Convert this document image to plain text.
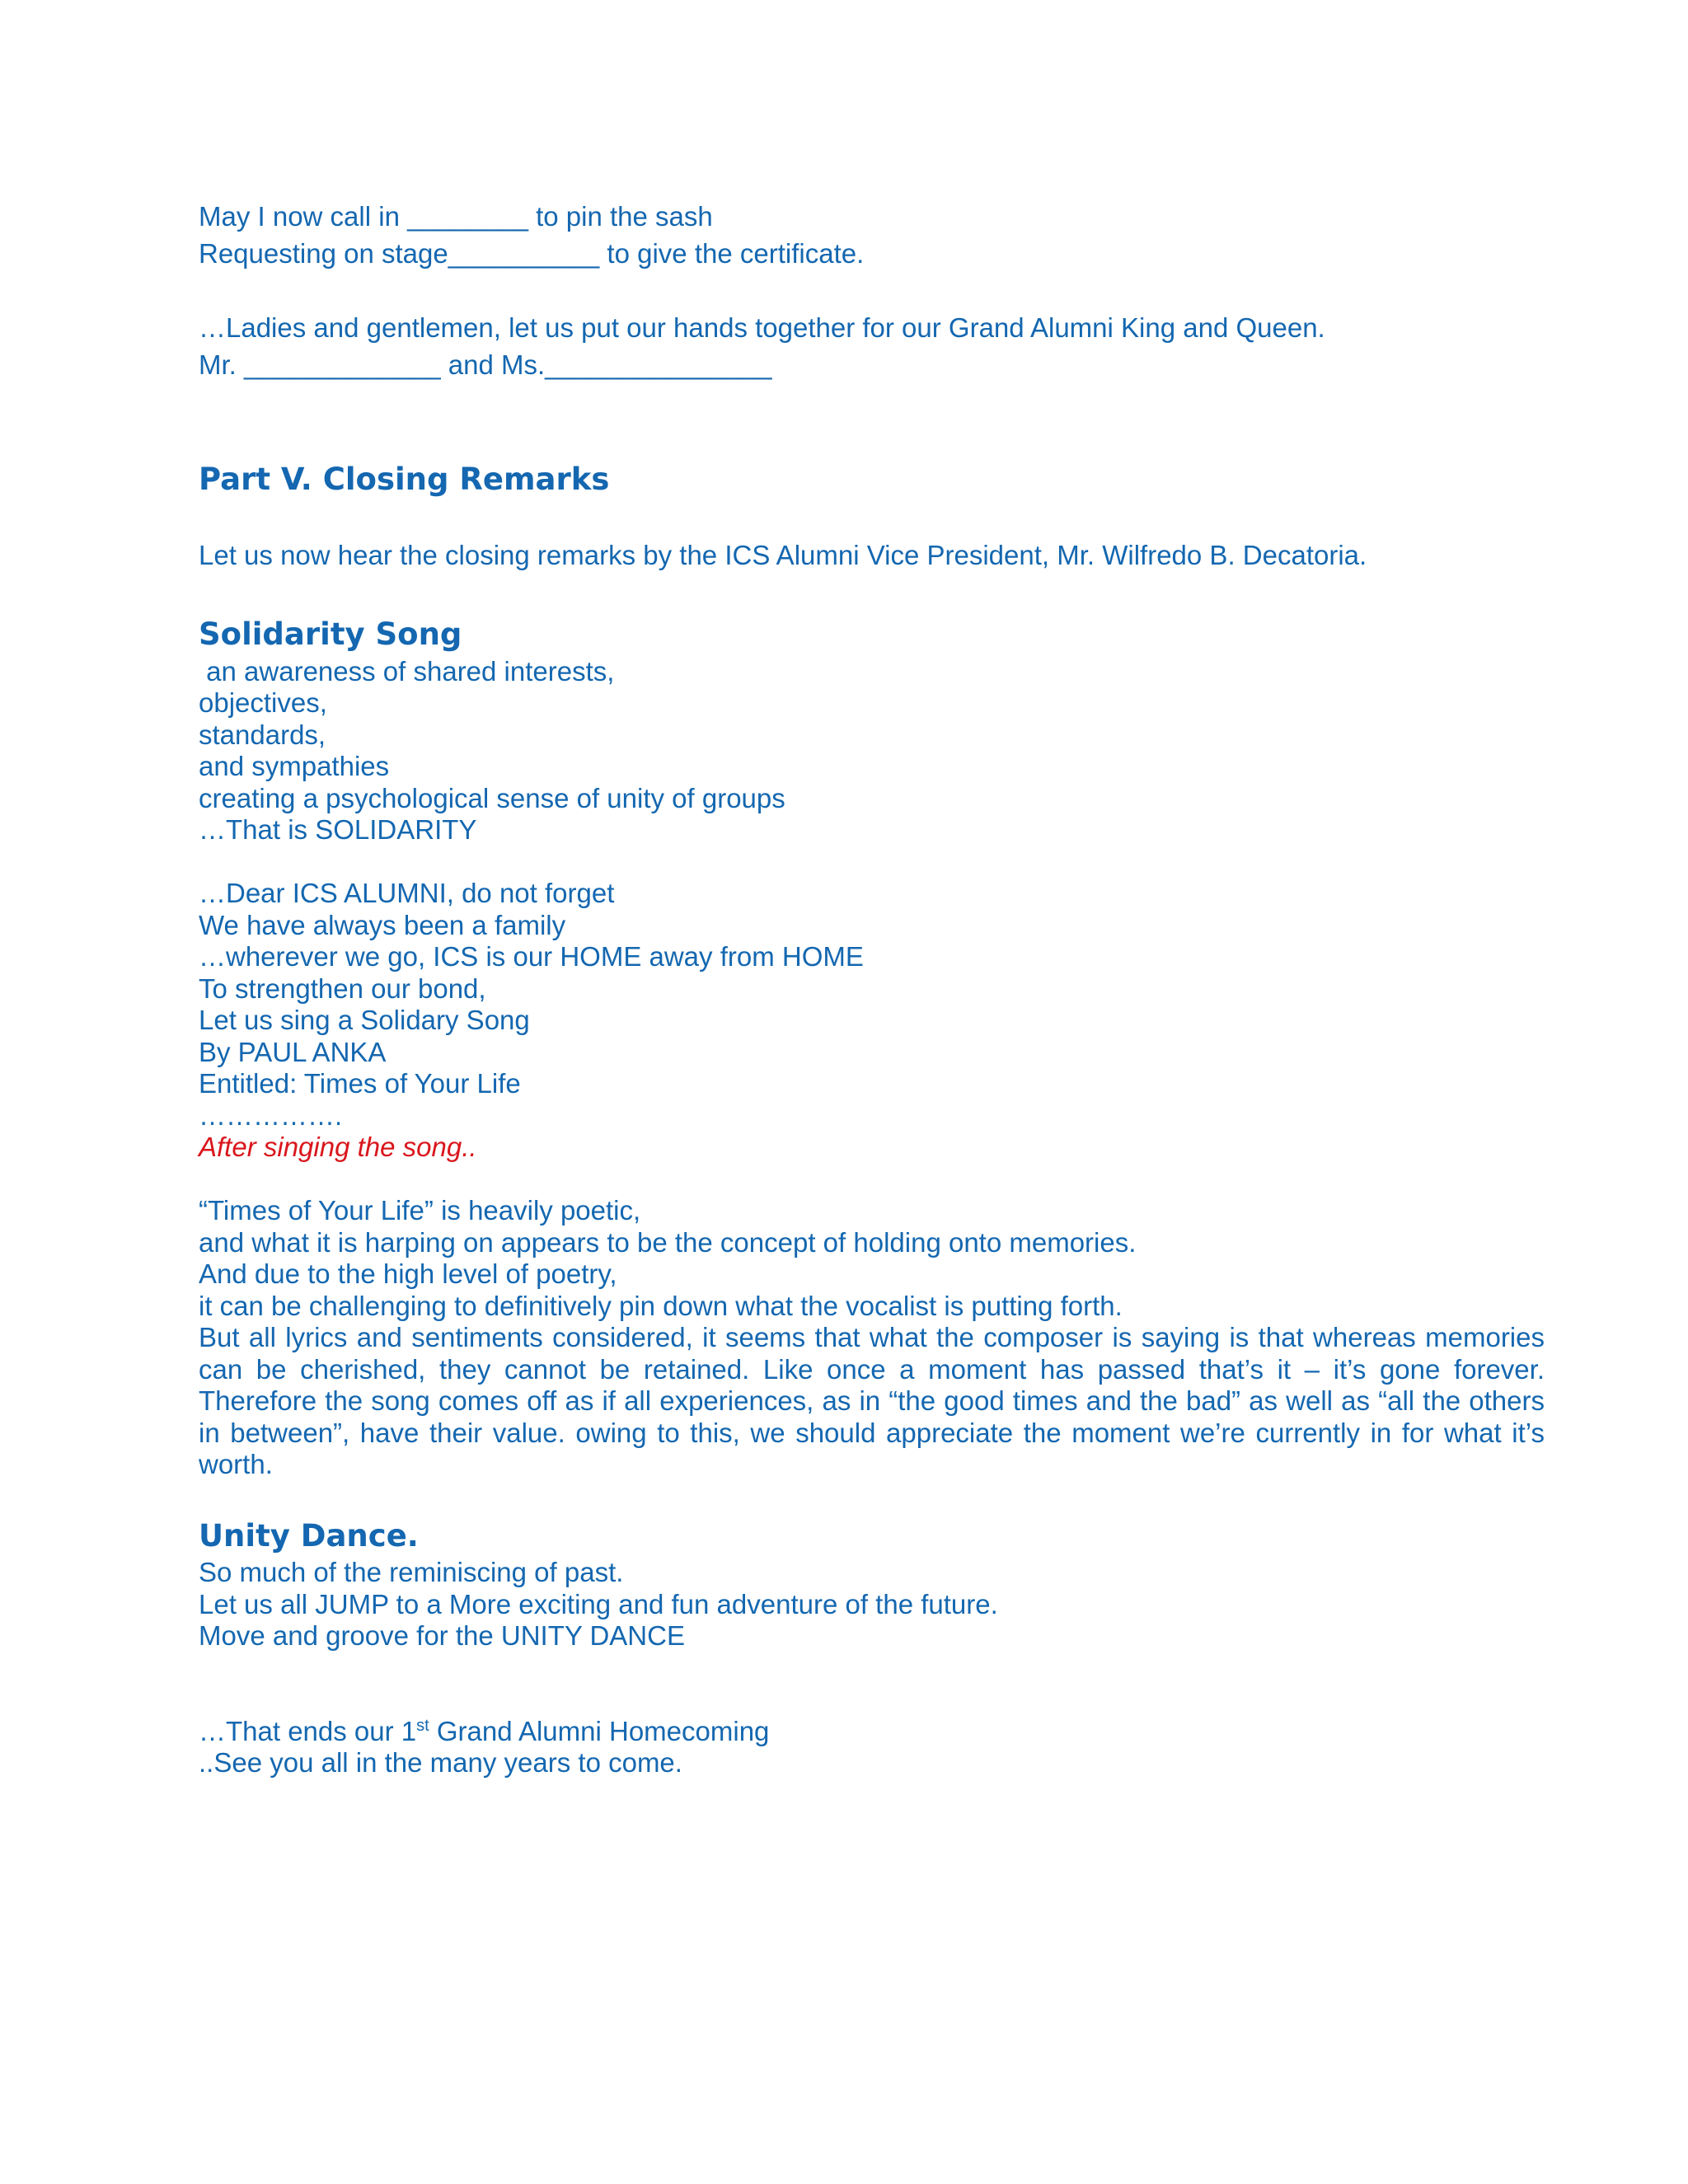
May I now call in ________ to pin the sash
Requesting on stage__________ to give the certificate.
…Ladies and gentlemen, let us put our hands together for our Grand Alumni King and Queen.
Mr. _____________ and Ms._______________
Part V. Closing Remarks
Let us now hear the closing remarks by the ICS Alumni Vice President, Mr. Wilfredo B. Decatoria.
Solidarity Song
an awareness of shared interests,
objectives,
standards,
and sympathies
creating a psychological sense of unity of groups
…That is SOLIDARITY
…Dear ICS ALUMNI, do not forget
We have always been a family
…wherever we go, ICS is our HOME away from HOME
To strengthen our bond,
Let us sing a Solidary Song
By PAUL ANKA
Entitled: Times of Your Life
…………….
After singing the song..
“Times of Your Life” is heavily poetic,
and what it is harping on appears to be the concept of holding onto memories.
And due to the high level of poetry,
it can be challenging to definitively pin down what the vocalist is putting forth.
But all lyrics and sentiments considered, it seems that what the composer is saying is that whereas memories can be cherished, they cannot be retained. Like once a moment has passed that’s it – it’s gone forever. Therefore the song comes off as if all experiences, as in “the good times and the bad” as well as “all the others in between”, have their value. owing to this, we should appreciate the moment we’re currently in for what it’s worth.
Unity Dance.
So much of the reminiscing of past.
Let us all JUMP to a More exciting and fun adventure of the future.
Move and groove for the UNITY DANCE
…That ends our 1st Grand Alumni Homecoming
..See you all in the many years to come.
